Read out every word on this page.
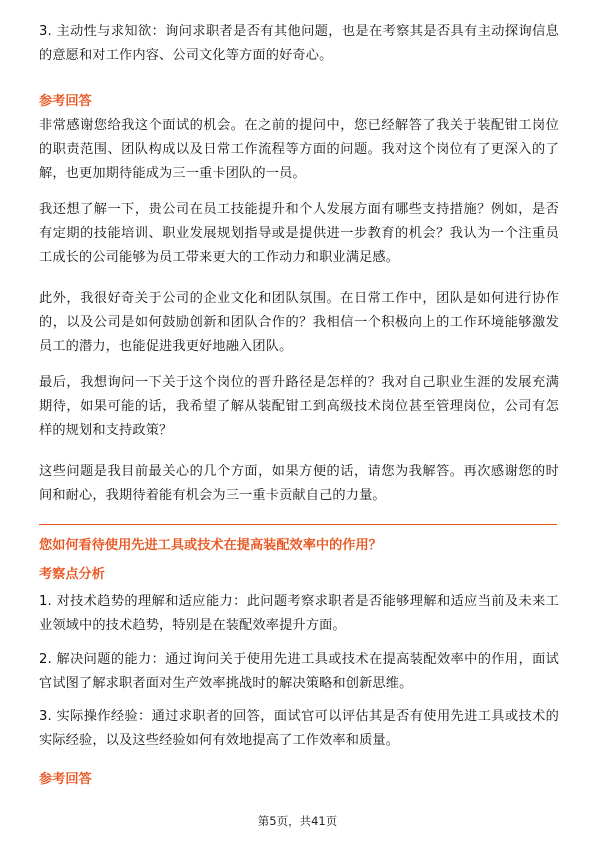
3. 主动性与求知欲：询问求职者是否有其他问题，也是在考察其是否具有主动探询信息的意愿和对工作内容、公司文化等方面的好奇心。

参考回答

非常感谢您给我这个面试的机会。在之前的提问中，您已经解答了我关于装配钳工岗位的职责范围、团队构成以及日常工作流程等方面的问题。我对这个岗位有了更深入的了解，也更加期待能成为三一重卡团队的一员。

我还想了解一下，贵公司在员工技能提升和个人发展方面有哪些支持措施？例如，是否有定期的技能培训、职业发展规划指导或是提供进一步教育的机会？我认为一个注重员工成长的公司能够为员工带来更大的工作动力和职业满足感。

此外，我很好奇关于公司的企业文化和团队氛围。在日常工作中，团队是如何进行协作的，以及公司是如何鼓励创新和团队合作的？我相信一个积极向上的工作环境能够激发员工的潜力，也能促进我更好地融入团队。

最后，我想询问一下关于这个岗位的晋升路径是怎样的？我对自己职业生涯的发展充满期待，如果可能的话，我希望了解从装配钳工到高级技术岗位甚至管理岗位，公司有怎样的规划和支持政策？

这些问题是我目前最关心的几个方面，如果方便的话，请您为我解答。再次感谢您的时间和耐心，我期待着能有机会为三一重卡贡献自己的力量。

您如何看待使用先进工具或技术在提高装配效率中的作用？
考察点分析

1. 对技术趋势的理解和适应能力：此问题考察求职者是否能够理解和适应当前及未来工业领域中的技术趋势，特别是在装配效率提升方面。

2. 解决问题的能力：通过询问关于使用先进工具或技术在提高装配效率中的作用，面试官试图了解求职者面对生产效率挑战时的解决策略和创新思维。

3. 实际操作经验：通过求职者的回答，面试官可以评估其是否有使用先进工具或技术的实际经验，以及这些经验如何有效地提高了工作效率和质量。

参考回答
第5页，共41页
